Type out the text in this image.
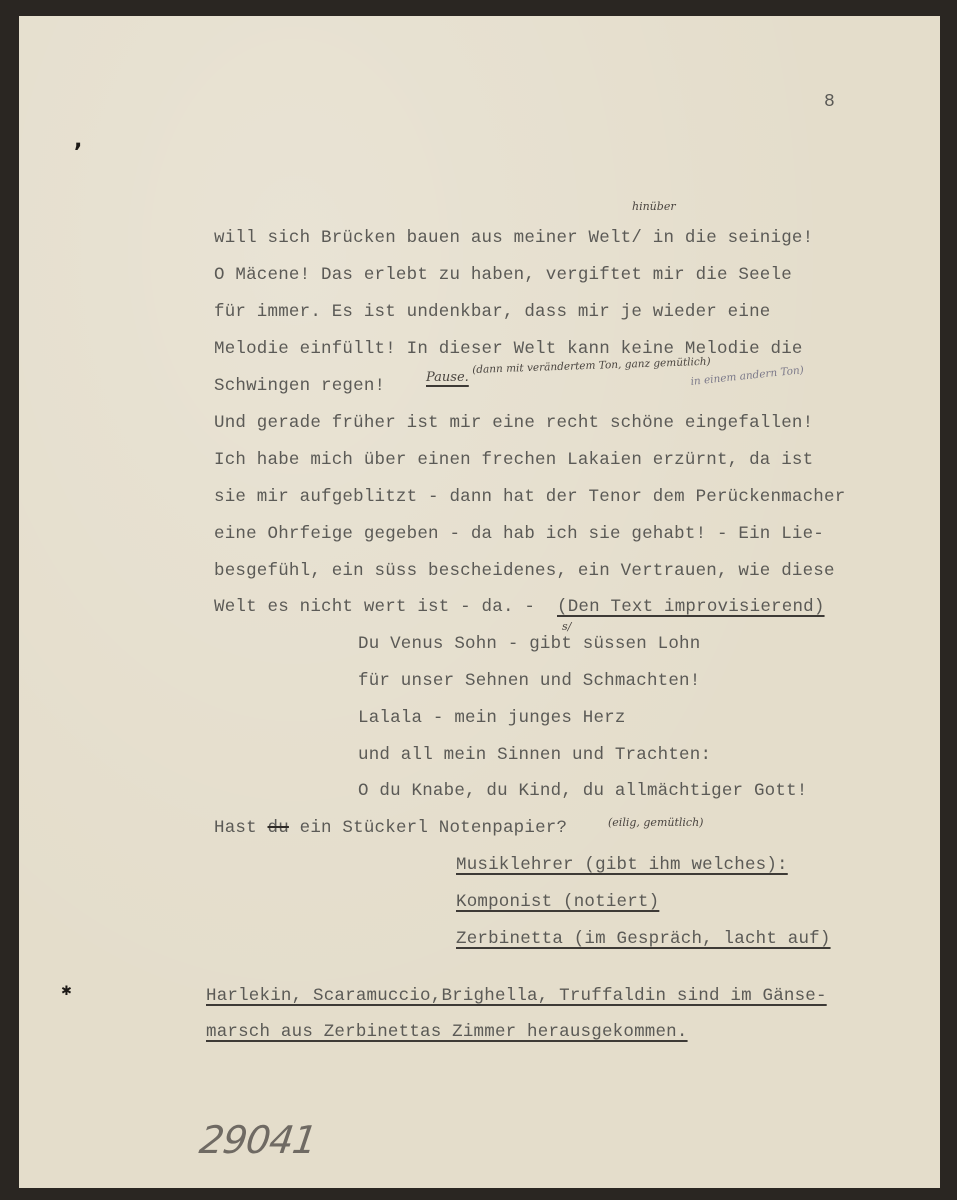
8
,
hinüber
will sich Brücken bauen aus meiner Welt/ in die seinige!
O Mäcene! Das erlebt zu haben, vergiftet mir die Seele
für immer. Es ist undenkbar, dass mir je wieder eine
Melodie einfüllt! In dieser Welt kann keine Melodie die
Schwingen regen!	Pause.
(dann mit verändertem Ton, ganz gemütlich)
in einem andern Ton)
Und gerade früher ist mir eine recht schöne eingefallen!
Ich habe mich über einen frechen Lakaien erzürnt, da ist
sie mir aufgeblitzt - dann hat der Tenor dem Perückenmacher
eine Ohrfeige gegeben - da hab ich sie gehabt! - Ein Lie-
besgefühl, ein süss bescheidenes, ein Vertrauen, wie diese
Welt es nicht wert ist - da. - (Den Text improvisierend)
s/
Du Venus Sohn - gibt süssen Lohn
für unser Sehnen und Schmachten!
Lalala - mein junges Herz
und all mein Sinnen und Trachten:
O du Knabe, du Kind, du allmächtiger Gott!
Hast du ein Stückerl Notenpapier?	(eilig, gemütlich)
Musiklehrer (gibt ihm welches):
Komponist (notiert)
Zerbinetta (im Gespräch, lacht auf)
✱	Harlekin, Scaramuccio,Brighella, Truffaldin sind im Gänse-
marsch aus Zerbinettas Zimmer herausgekommen.
29041
